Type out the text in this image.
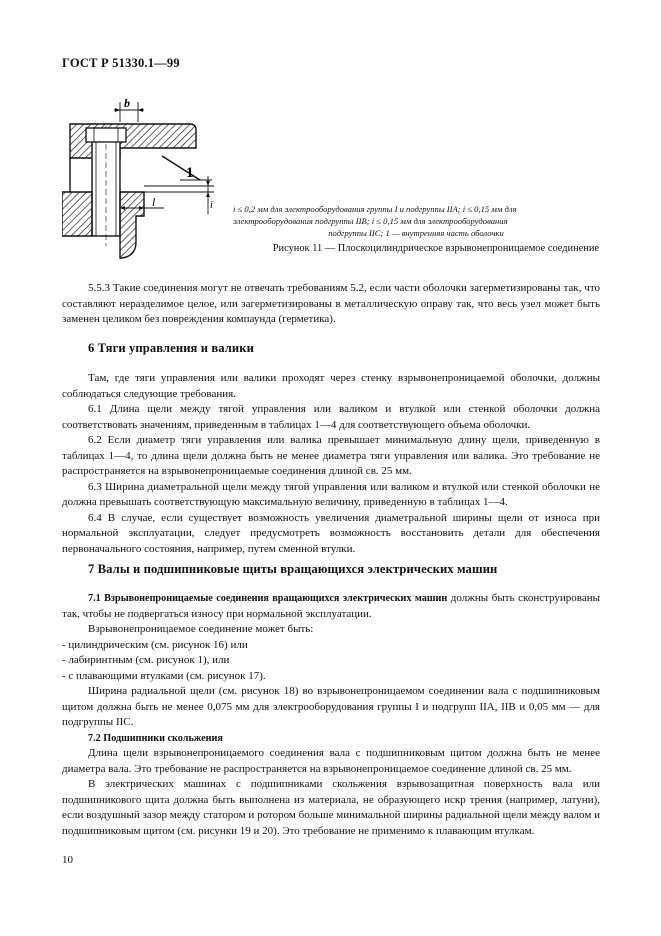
ГОСТ Р 51330.1—99
b
1
i
l	i ≤ 0,2 мм для электрооборудования группы I и подгруппы IIA; i ≤ 0,15 мм для
электрооборудования подгруппы IIB; i ≤ 0,15 мм для электрооборудования
подгруппы IIC; 1 — внутренняя часть оболочки
Рисунок 11 — Плоскоцилиндрическое взрывонепроницаемое соединение

5.5.3 Такие соединения могут не отвечать требованиям 5.2, если части оболочки загерметизированы так, что составляют неразделимое целое, или загерметизированы в металлическую оправу так, что весь узел может быть заменен целиком без повреждения компаунда (герметика).

6 Тяги управления и валики

Там, где тяги управления или валики проходят через стенку взрывонепроницаемой оболочки, должны соблюдаться следующие требования.

6.1 Длина щели между тягой управления или валиком и втулкой или стенкой оболочки должна соответствовать значениям, приведенным в таблицах 1—4 для соответствующего объема оболочки.

6.2 Если диаметр тяги управления или валика превышает минимальную длину щели, приведенную в таблицах 1—4, то длина щели должна быть не менее диаметра тяги управления или валика. Это требование не распространяется на взрывонепроницаемые соединения длиной св. 25 мм.

6.3 Ширина диаметральной щели между тягой управления или валиком и втулкой или стенкой оболочки не должна превышать соответствующую максимальную величину, приведенную в таблицах 1—4.

6.4 В случае, если существует возможность увеличения диаметральной ширины щели от износа при нормальной эксплуатации, следует предусмотреть возможность восстановить детали для обеспечения первоначального состояния, например, путем сменной втулки.

7 Валы и подшипниковые щиты вращающихся электрических машин

7.1 Взрывонепроницаемые соединения вращающихся электрических машин должны быть сконструированы так, чтобы не подвергаться износу при нормальной эксплуатации.

Взрывонепроницаемое соединение может быть:

- цилиндрическим (см. рисунок 16) или

- лабиринтным (см. рисунок 1), или

- с плавающими втулками (см. рисунок 17).

Ширина радиальной щели (см. рисунок 18) во взрывонепроницаемом соединении вала с подшипниковым щитом должна быть не менее 0,075 мм для электрооборудования группы I и подгрупп IIA, IIB и 0,05 мм — для подгруппы IIC.

7.2 Подшипники скольжения

Длина щели взрывонепроницаемого соединения вала с подшипниковым щитом должна быть не менее диаметра вала. Это требование не распространяется на взрывонепроницаемое соединение длиной св. 25 мм.

В электрических машинах с подшипниками скольжения взрывозащитная поверхность вала или подшипникового щита должна быть выполнена из материала, не образующего искр трения (например, латуни), если воздушный зазор между статором и ротором больше минимальной ширины радиальной щели между валом и подшипниковым щитом (см. рисунки 19 и 20). Это требование не применимо к плавающим втулкам.

10
